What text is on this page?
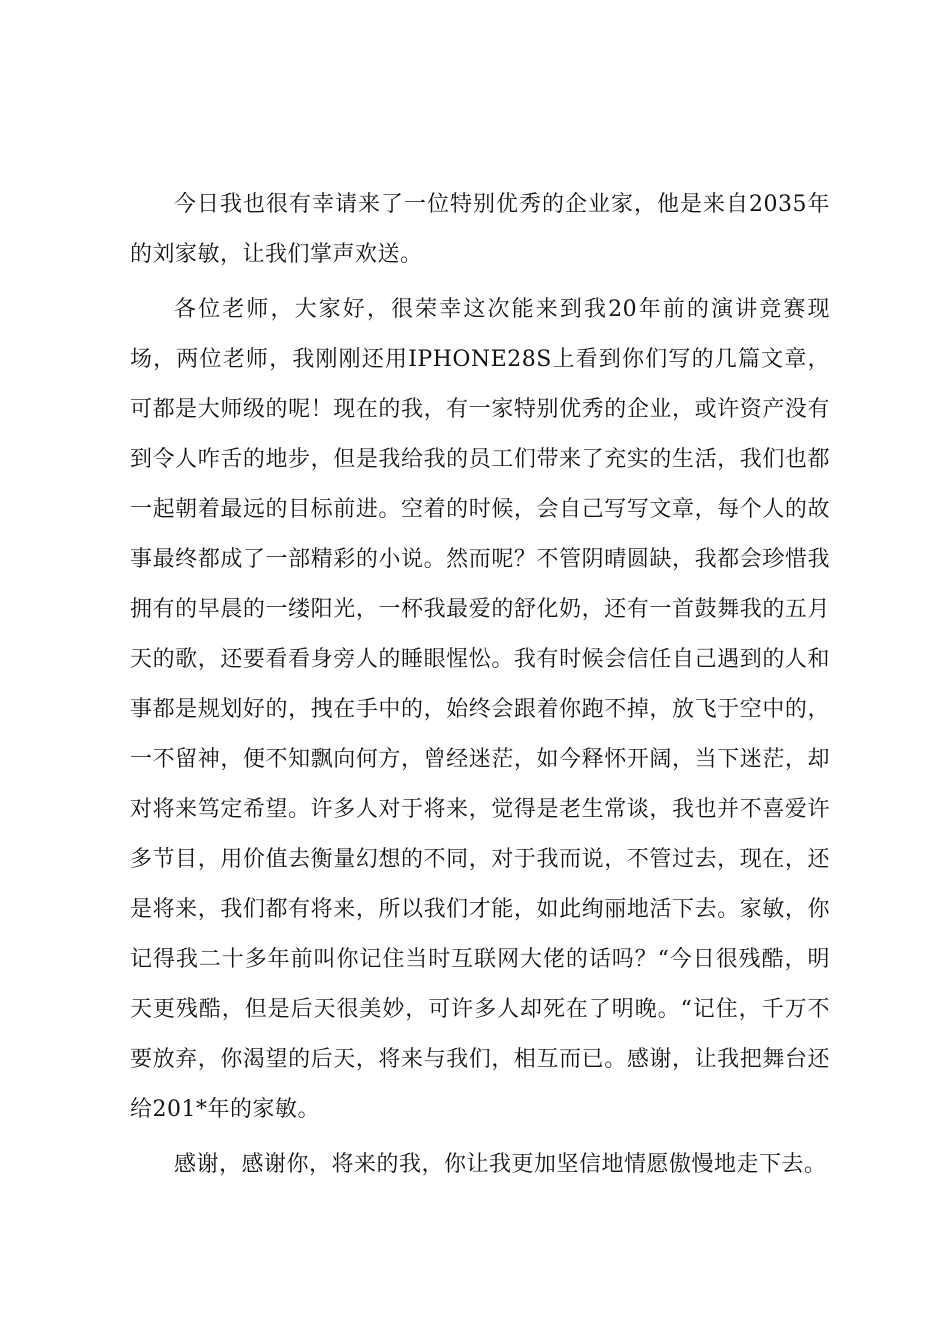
今日我也很有幸请来了一位特别优秀的企业家，他是来自2035年的刘家敏，让我们掌声欢送。

各位老师，大家好，很荣幸这次能来到我20年前的演讲竞赛现场，两位老师，我刚刚还用IPHONE28S上看到你们写的几篇文章，可都是大师级的呢！现在的我，有一家特别优秀的企业，或许资产没有到令人咋舌的地步，但是我给我的员工们带来了充实的生活，我们也都一起朝着最远的目标前进。空着的时候，会自己写写文章，每个人的故事最终都成了一部精彩的小说。然而呢？不管阴晴圆缺，我都会珍惜我拥有的早晨的一缕阳光，一杯我最爱的舒化奶，还有一首鼓舞我的五月天的歌，还要看看身旁人的睡眼惺忪。我有时候会信任自己遇到的人和事都是规划好的，拽在手中的，始终会跟着你跑不掉，放飞于空中的，一不留神，便不知飘向何方，曾经迷茫，如今释怀开阔，当下迷茫，却对将来笃定希望。许多人对于将来，觉得是老生常谈，我也并不喜爱许多节目，用价值去衡量幻想的不同，对于我而说，不管过去，现在，还是将来，我们都有将来，所以我们才能，如此绚丽地活下去。家敏，你记得我二十多年前叫你记住当时互联网大佬的话吗？“今日很残酷，明天更残酷，但是后天很美妙，可许多人却死在了明晚。“记住，千万不要放弃，你渴望的后天，将来与我们，相互而已。感谢，让我把舞台还给201*年的家敏。

感谢，感谢你，将来的我，你让我更加坚信地情愿傲慢地走下去。
